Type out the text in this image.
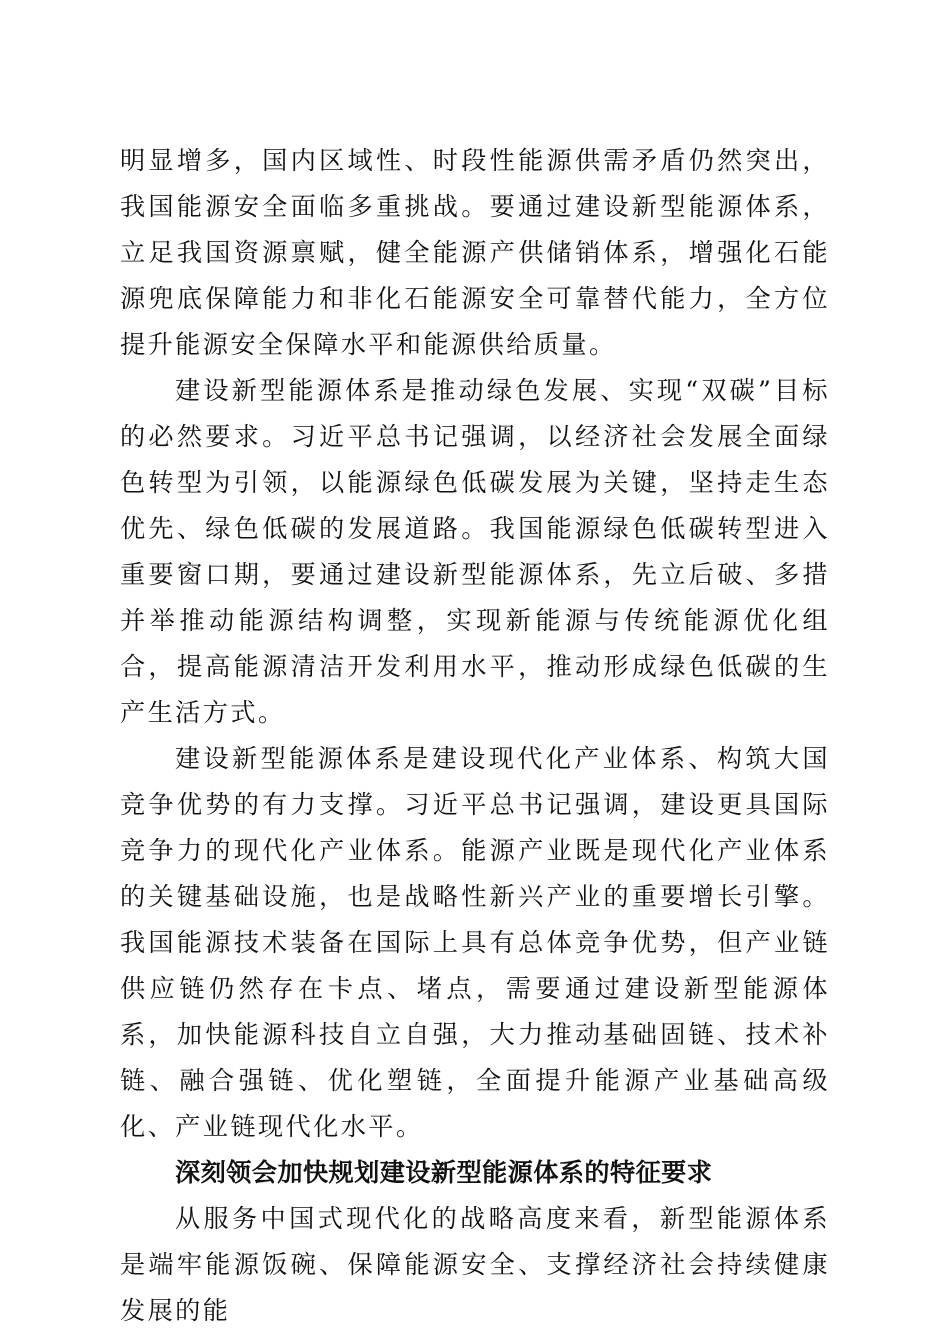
明显增多，国内区域性、时段性能源供需矛盾仍然突出，我国能源安全面临多重挑战。要通过建设新型能源体系，立足我国资源禀赋，健全能源产供储销体系，增强化石能源兜底保障能力和非化石能源安全可靠替代能力，全方位提升能源安全保障水平和能源供给质量。

建设新型能源体系是推动绿色发展、实现“双碳”目标的必然要求。习近平总书记强调，以经济社会发展全面绿色转型为引领，以能源绿色低碳发展为关键，坚持走生态优先、绿色低碳的发展道路。我国能源绿色低碳转型进入重要窗口期，要通过建设新型能源体系，先立后破、多措并举推动能源结构调整，实现新能源与传统能源优化组合，提高能源清洁开发利用水平，推动形成绿色低碳的生产生活方式。

建设新型能源体系是建设现代化产业体系、构筑大国竞争优势的有力支撑。习近平总书记强调，建设更具国际竞争力的现代化产业体系。能源产业既是现代化产业体系的关键基础设施，也是战略性新兴产业的重要增长引擎。我国能源技术装备在国际上具有总体竞争优势，但产业链供应链仍然存在卡点、堵点，需要通过建设新型能源体系，加快能源科技自立自强，大力推动基础固链、技术补链、融合强链、优化塑链，全面提升能源产业基础高级化、产业链现代化水平。

深刻领会加快规划建设新型能源体系的特征要求

从服务中国式现代化的战略高度来看，新型能源体系是端牢能源饭碗、保障能源安全、支撑经济社会持续健康发展的能
